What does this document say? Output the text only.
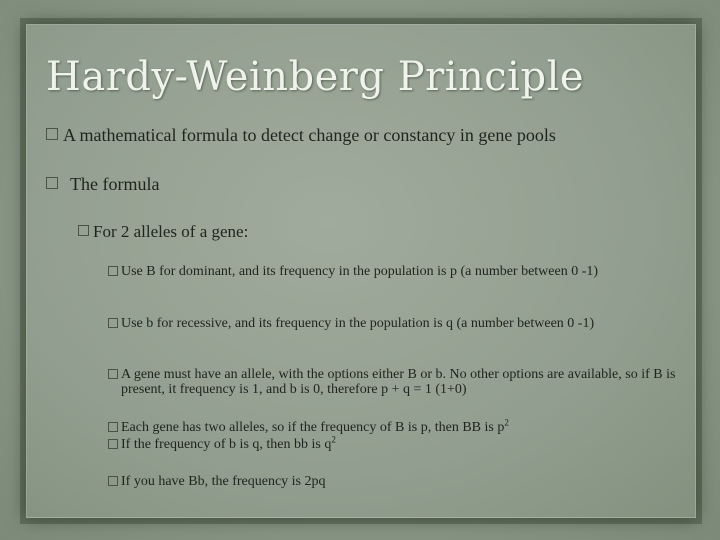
Hardy-Weinberg Principle
A mathematical formula to detect change or constancy in gene pools
The formula
For 2 alleles of a gene:
Use B for dominant, and its frequency in the population is p (a number between 0 -1)
Use b for recessive, and its frequency in the population is q (a number between 0 -1)
A gene must have an allele, with the options either B or b. No other options are available, so if B is present, it frequency is 1, and b is 0, therefore p + q = 1 (1+0)
Each gene has two alleles, so if the frequency of B is p, then BB is $p^2$
If the frequency of b is q, then bb is $q^2$
If you have Bb, the frequency is 2pq
